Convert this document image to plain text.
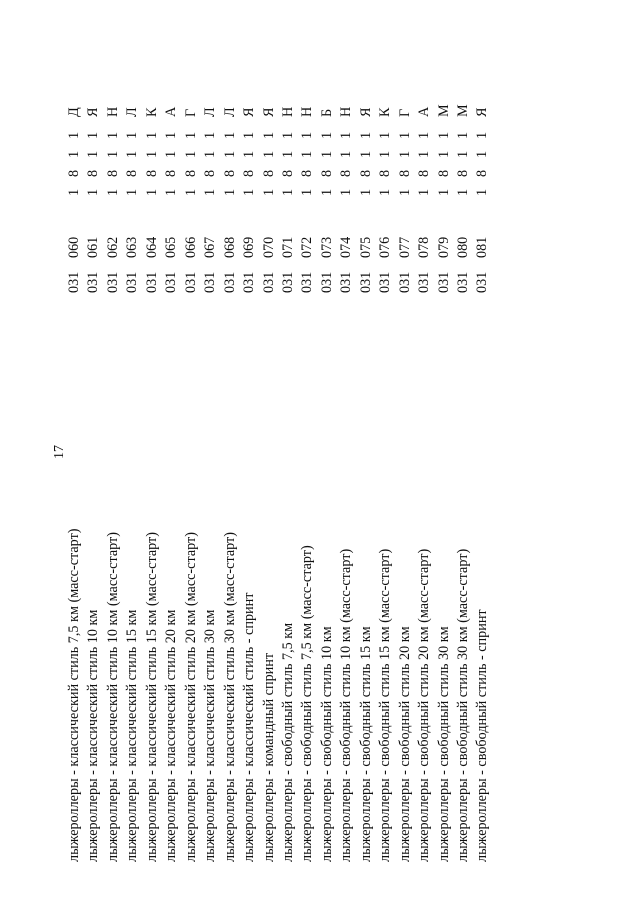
17
лыжероллеры - классический стиль 7,5 км (масс-старт)
031
060
1
8
1
1
Д
лыжероллеры - классический стиль 10 км
031
061
1
8
1
1
Я
лыжероллеры - классический стиль 10 км (масс-старт)
031
062
1
8
1
1
Н
лыжероллеры - классический стиль 15 км
031
063
1
8
1
1
Л
лыжероллеры - классический стиль 15 км (масс-старт)
031
064
1
8
1
1
К
лыжероллеры - классический стиль 20 км
031
065
1
8
1
1
А
лыжероллеры - классический стиль 20 км (масс-старт)
031
066
1
8
1
1
Г
лыжероллеры - классический стиль 30 км
031
067
1
8
1
1
Л
лыжероллеры - классический стиль 30 км (масс-старт)
031
068
1
8
1
1
Л
лыжероллеры - классический стиль - спринт
031
069
1
8
1
1
Я
лыжероллеры - командный спринт
031
070
1
8
1
1
Я
лыжероллеры - свободный стиль 7,5 км
031
071
1
8
1
1
Н
лыжероллеры - свободный стиль 7,5 км (масс-старт)
031
072
1
8
1
1
Н
лыжероллеры - свободный стиль 10 км
031
073
1
8
1
1
Б
лыжероллеры - свободный стиль 10 км (масс-старт)
031
074
1
8
1
1
Н
лыжероллеры - свободный стиль 15 км
031
075
1
8
1
1
Я
лыжероллеры - свободный стиль 15 км (масс-старт)
031
076
1
8
1
1
К
лыжероллеры - свободный стиль 20 км
031
077
1
8
1
1
Г
лыжероллеры - свободный стиль 20 км (масс-старт)
031
078
1
8
1
1
А
лыжероллеры - свободный стиль 30 км
031
079
1
8
1
1
М
лыжероллеры - свободный стиль 30 км (масс-старт)
031
080
1
8
1
1
М
лыжероллеры - свободный стиль - спринт
031
081
1
8
1
1
Я
